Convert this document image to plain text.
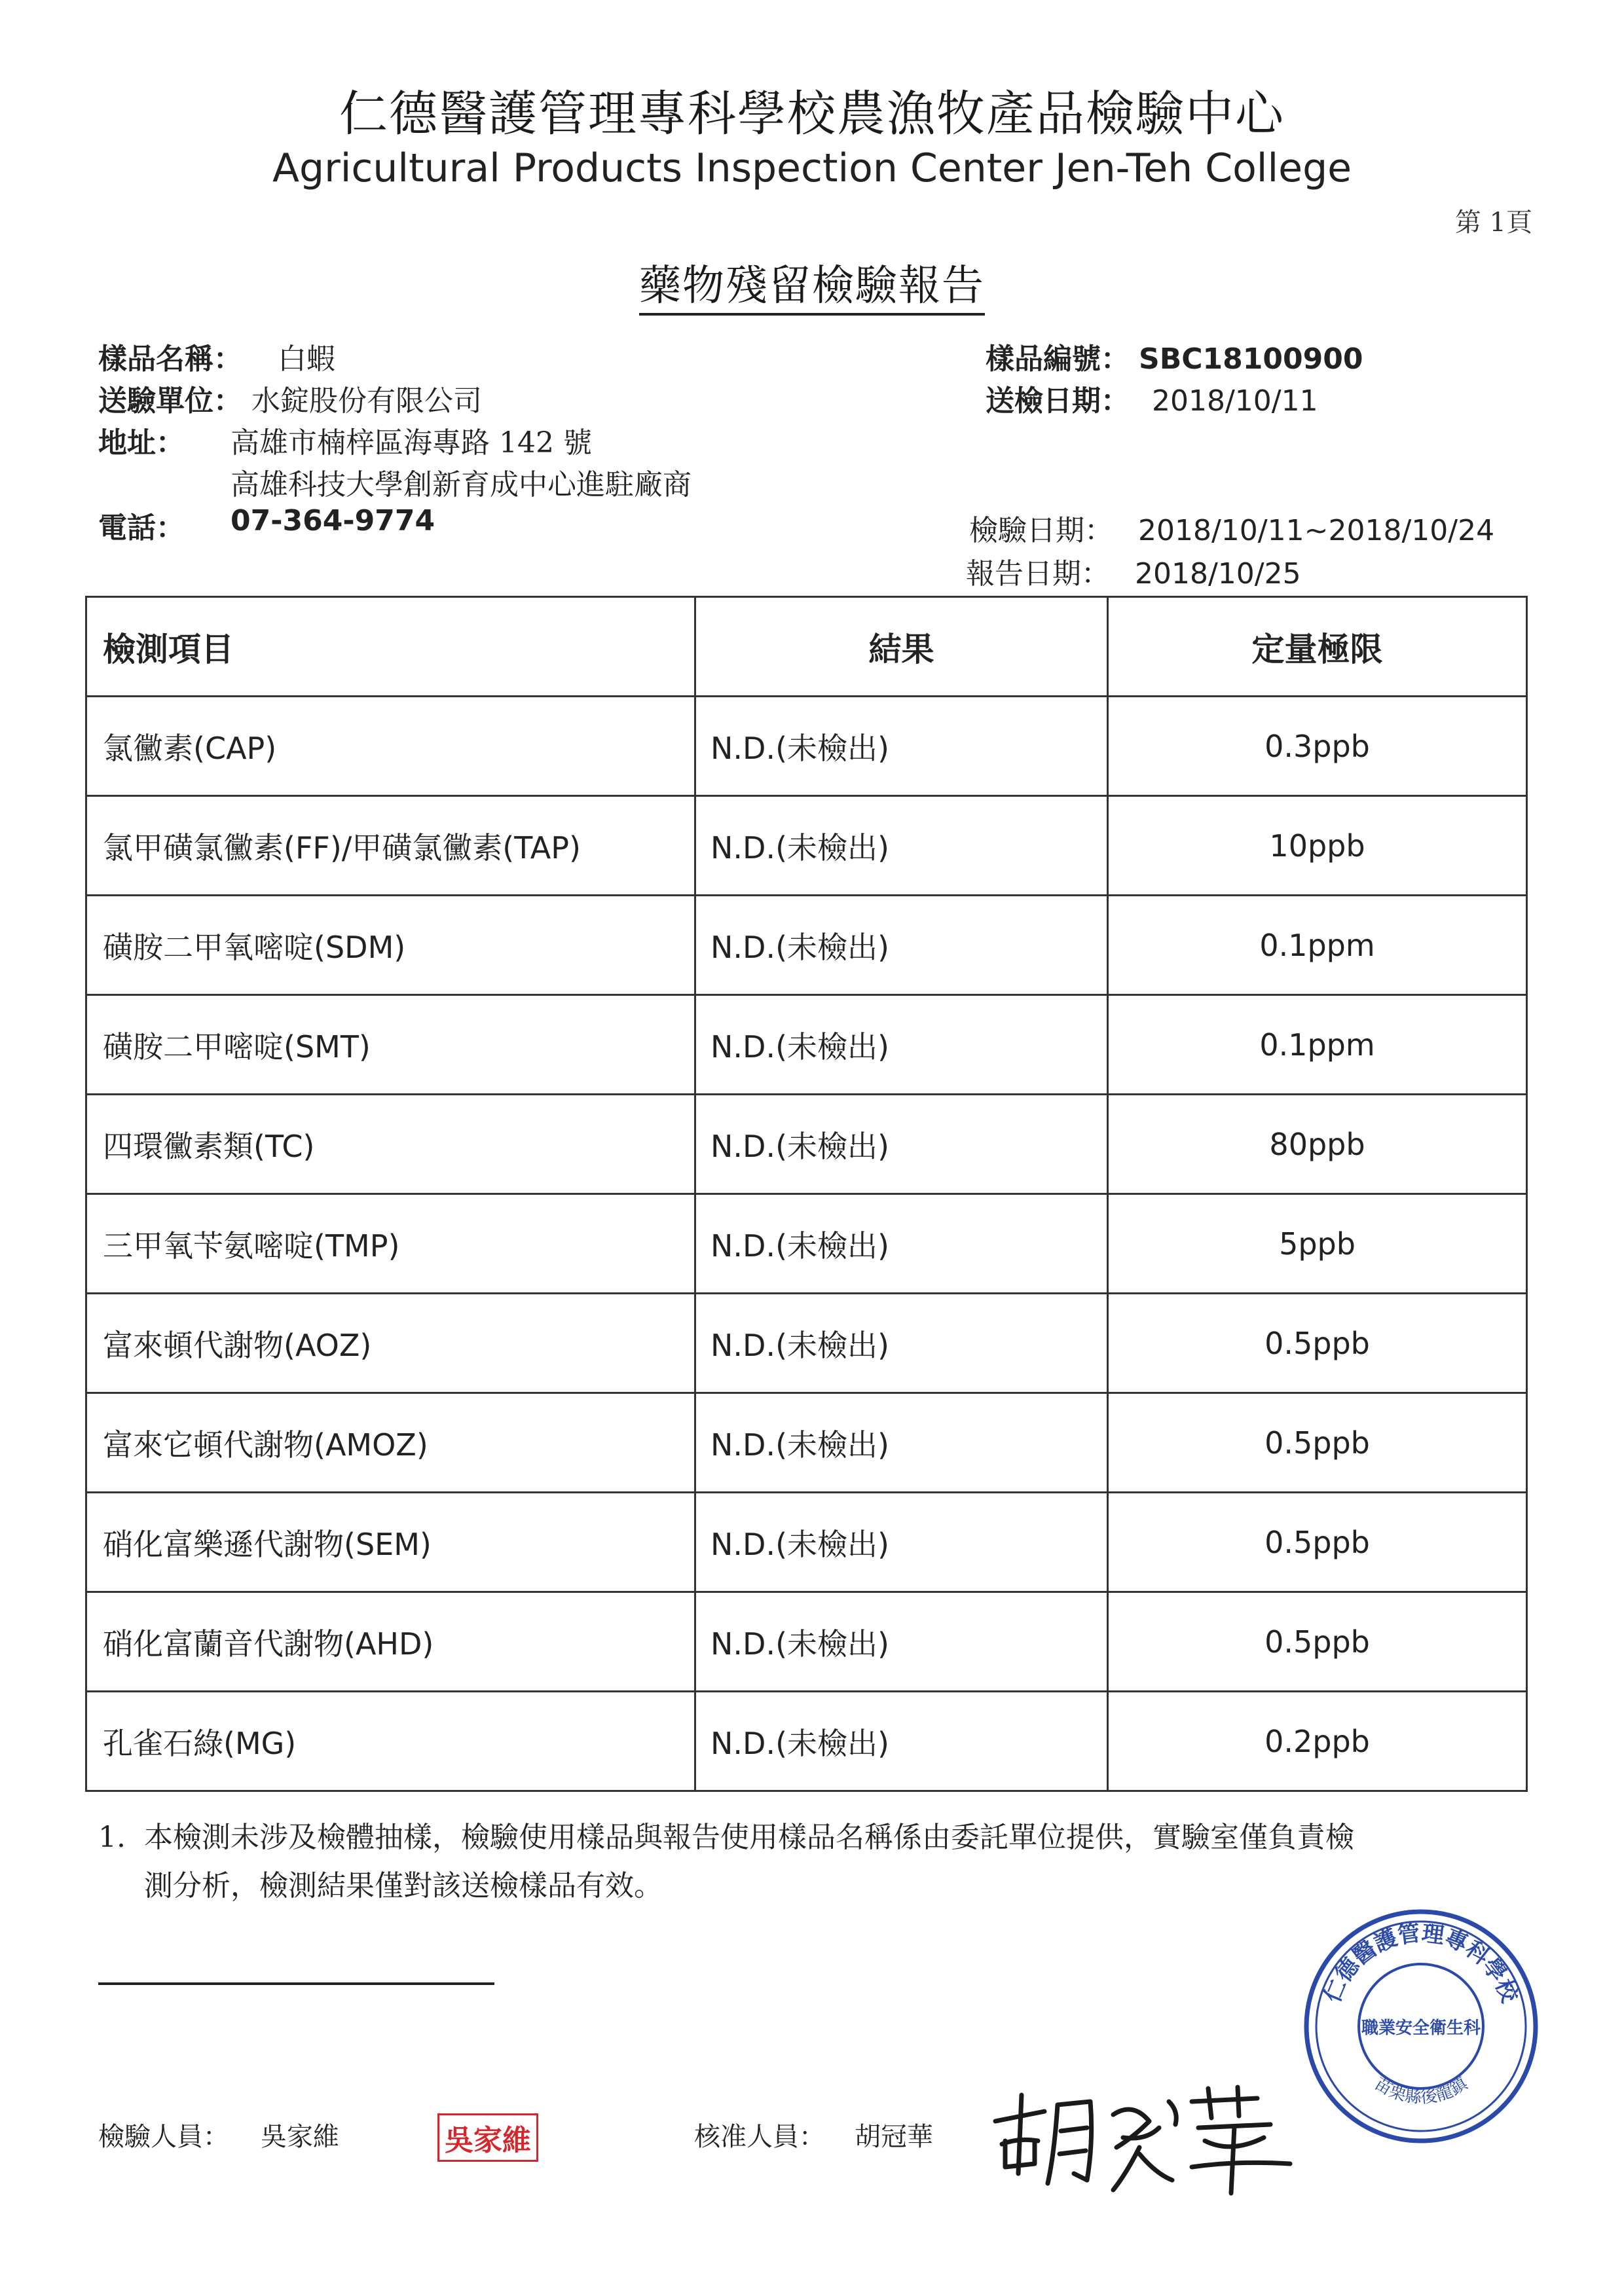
仁德醫護管理專科學校農漁牧產品檢驗中心
Agricultural Products Inspection Center Jen-Teh College
第 1頁
藥物殘留檢驗報告
樣品名稱： 白蝦	樣品編號： SBC18100900
送驗單位： 水錠股份有限公司	送檢日期： 2018/10/11
地址： 高雄市楠梓區海專路 142 號
高雄科技大學創新育成中心進駐廠商
電話： 07-364-9774	檢驗日期： 2018/10/11~2018/10/24
報告日期： 2018/10/25
檢測項目	結果	定量極限
氯黴素(CAP)	N.D.(未檢出)	0.3ppb
氯甲磺氯黴素(FF)/甲磺氯黴素(TAP)	N.D.(未檢出)	10ppb
磺胺二甲氧嘧啶(SDM)	N.D.(未檢出)	0.1ppm
磺胺二甲嘧啶(SMT)	N.D.(未檢出)	0.1ppm
四環黴素類(TC)	N.D.(未檢出)	80ppb
三甲氧苄氨嘧啶(TMP)	N.D.(未檢出)	5ppb
富來頓代謝物(AOZ)	N.D.(未檢出)	0.5ppb
富來它頓代謝物(AMOZ)	N.D.(未檢出)	0.5ppb
硝化富樂遜代謝物(SEM)	N.D.(未檢出)	0.5ppb
硝化富蘭音代謝物(AHD)	N.D.(未檢出)	0.5ppb
孔雀石綠(MG)	N.D.(未檢出)	0.2ppb
1. 本檢測未涉及檢體抽樣，檢驗使用樣品與報告使用樣品名稱係由委託單位提供，實驗室僅負責檢
測分析，檢測結果僅對該送檢樣品有效。
檢驗人員： 吳家維	吳家維	核准人員： 胡冠華
仁德醫護管理專科學校
苗栗縣後龍鎮
職業安全衛生科
